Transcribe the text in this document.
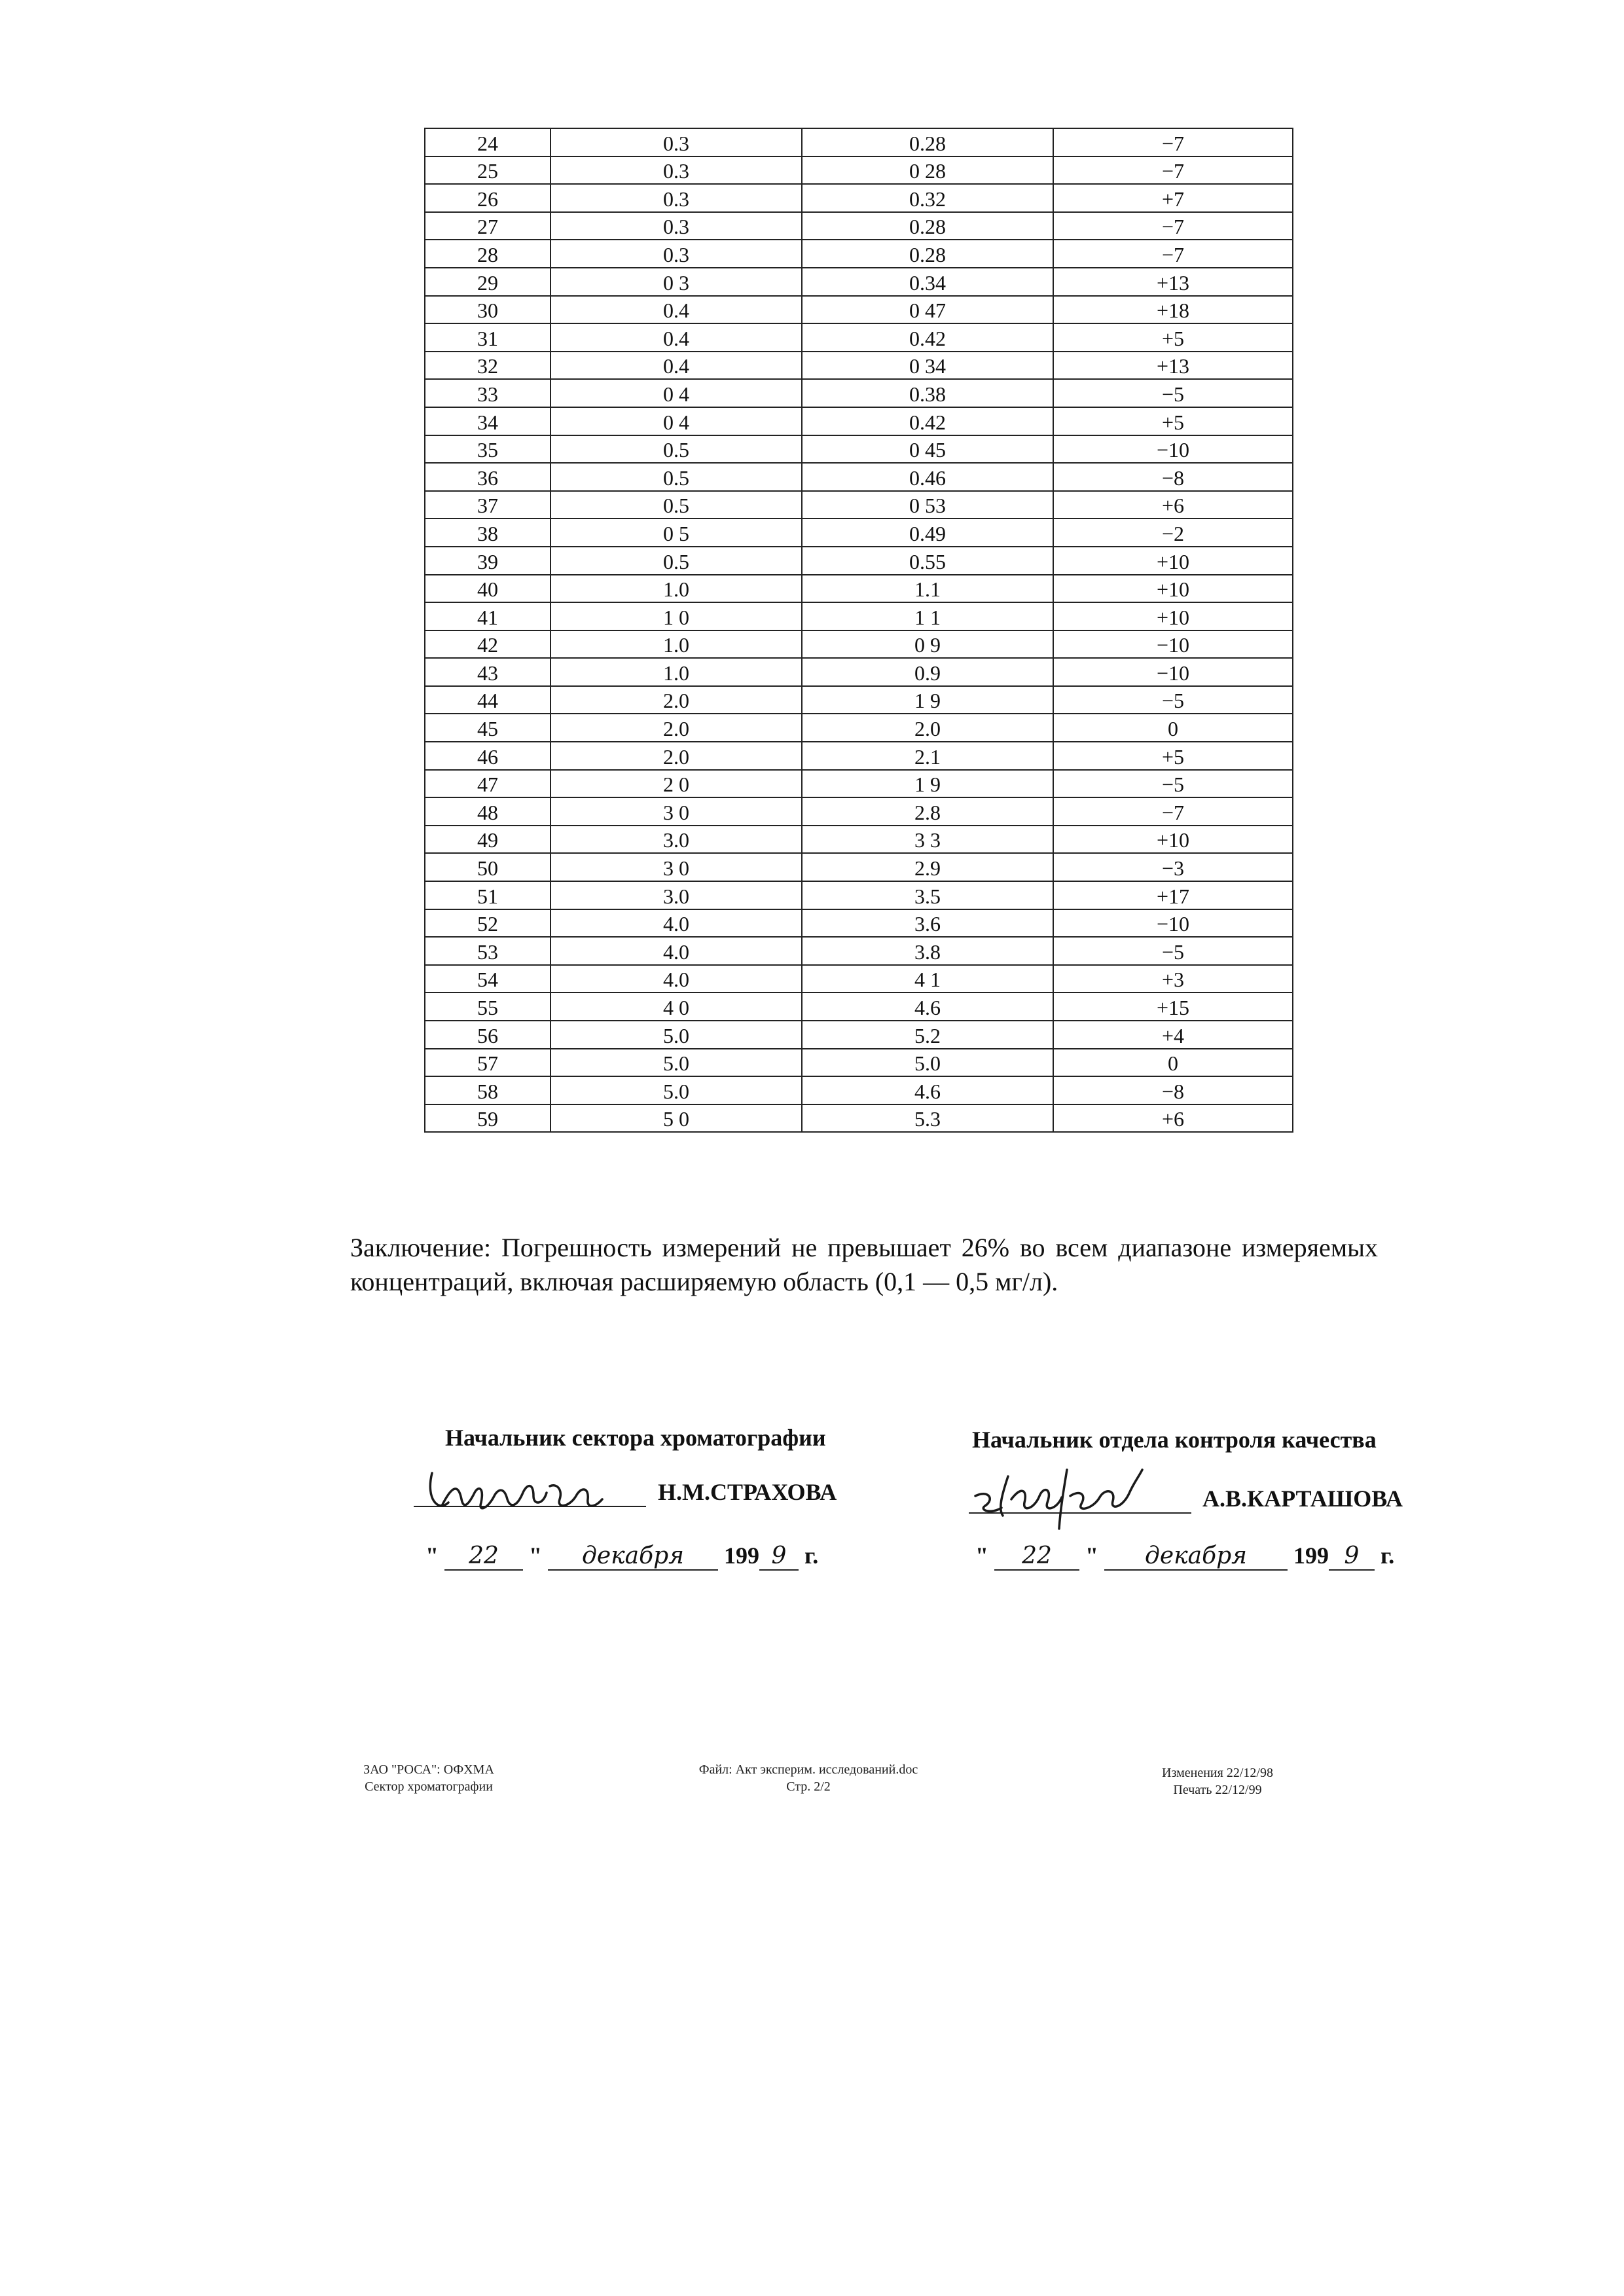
24	0.3	0.28	−7
25	0.3	0 28	−7
26	0.3	0.32	+7
27	0.3	0.28	−7
28	0.3	0.28	−7
29	0 3	0.34	+13
30	0.4	0 47	+18
31	0.4	0.42	+5
32	0.4	0 34	+13
33	0 4	0.38	−5
34	0 4	0.42	+5
35	0.5	0 45	−10
36	0.5	0.46	−8
37	0.5	0 53	+6
38	0 5	0.49	−2
39	0.5	0.55	+10
40	1.0	1.1	+10
41	1 0	1 1	+10
42	1.0	0 9	−10
43	1.0	0.9	−10
44	2.0	1 9	−5
45	2.0	2.0	0
46	2.0	2.1	+5
47	2 0	1 9	−5
48	3 0	2.8	−7
49	3.0	3 3	+10
50	3 0	2.9	−3
51	3.0	3.5	+17
52	4.0	3.6	−10
53	4.0	3.8	−5
54	4.0	4 1	+3
55	4 0	4.6	+15
56	5.0	5.2	+4
57	5.0	5.0	0
58	5.0	4.6	−8
59	5 0	5.3	+6
Заключение: Погрешность измерений не превышает 26% во всем диапазоне измеряемых концентраций, включая расширяемую область (0,1 — 0,5 мг/л).
Начальник сектора хроматографии
Н.М.СТРАХОВА
" 22 " декабря 199 9 г.
Начальник отдела контроля качества
А.В.КАРТАШОВА
" 22 " декабря 199 9 г.
ЗАО "РОСА": ОФХМА
Сектор хроматографии
Файл: Акт эксперим. исследований.doc
Стр. 2/2
Изменения 22/12/98
Печать 22/12/99
